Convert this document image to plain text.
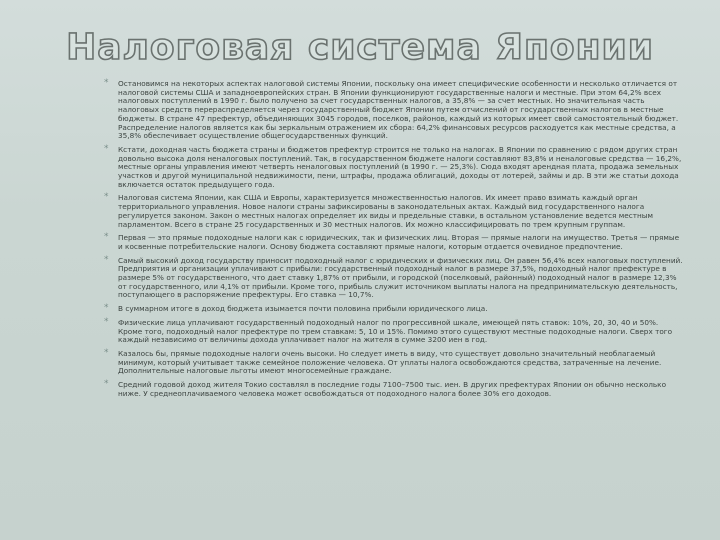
Налоговая система Японии
* Остановимся на некоторых аспектах налоговой системы Японии, поскольку она имеет специфические особенности и несколько отличается от налоговой системы США и западноевропейских стран. В Японии функционируют государственные налоги и местные. При этом 64,2% всех налоговых поступлений в 1990 г. было получено за счет государственных налогов, а 35,8% — за счет местных. Но значительная часть налоговых средств перераспределяется через государственный бюджет Японии путем отчислений от государственных налогов в местные бюджеты. В стране 47 префектур, объединяющих 3045 городов, поселков, районов, каждый из которых имеет свой самостоятельный бюджет. Распределение налогов является как бы зеркальным отражением их сбора: 64,2% финансовых ресурсов расходуется как местные средства, а 35,8% обеспечивает осуществление общегосударственных функций.
* Кстати, доходная часть бюджета страны и бюджетов префектур строится не только на налогах. В Японии по сравнению с рядом других стран довольно высока доля неналоговых поступлений. Так, в государственном бюджете налоги составляют 83,8% и неналоговые средства — 16,2%, местные органы управления имеют четверть неналоговых поступлений (в 1990 г. — 25,3%). Сюда входят арендная плата, продажа земельных участков и другой муниципальной недвижимости, пени, штрафы, продажа облигаций, доходы от лотерей, займы и др. В эти же статьи дохода включается остаток предыдущего года.
* Налоговая система Японии, как США и Европы, характеризуется множественностью налогов. Их имеет право взимать каждый орган территориального управления. Новое налоги страны зафиксированы в законодательных актах. Каждый вид государственного налога регулируется законом. Закон о местных налогах определяет их виды и предельные ставки, в остальном установление ведется местным парламентом. Всего в стране 25 государственных и 30 местных налогов. Их можно классифицировать по трем крупным группам.
* Первая — это прямые подоходные налоги как с юридических, так и физических лиц. Вторая — прямые налоги на имущество. Третья — прямые и косвенные потребительские налоги. Основу бюджета составляют прямые налоги, которым отдается очевидное предпочтение.
* Самый высокий доход государству приносит подоходный налог с юридических и физических лиц. Он равен 56,4% всех налоговых поступлений. Предприятия и организации уплачивают с прибыли: государственный подоходный налог в размере 37,5%, подоходный налог префектуре в размере 5% от государственного, что дает ставку 1,87% от прибыли, и городской (поселковый, районный) подоходный налог в размере 12,3% от государственного, или 4,1% от прибыли. Кроме того, прибыль служит источником выплаты налога на предпринимательскую деятельность, поступающего в распоряжение префектуры. Его ставка — 10,7%.
* В суммарном итоге в доход бюджета изымается почти половина прибыли юридического лица.
* Физические лица уплачивают государственный подоходный налог по прогрессивной шкале, имеющей пять ставок: 10%, 20, 30, 40 и 50%. Кроме того, подоходный налог префектуре по трем ставкам: 5, 10 и 15%. Помимо этого существуют местные подоходные налоги. Сверх того каждый независимо от величины дохода уплачивает налог на жителя в сумме 3200 иен в год.
* Казалось бы, прямые подоходные налоги очень высоки. Но следует иметь в виду, что существует довольно значительный необлагаемый минимум, который учитывает также семейное положение человека. От уплаты налога освобождаются средства, затраченные на лечение. Дополнительные налоговые льготы имеют многосемейные граждане.
* Средний годовой доход жителя Токио составлял в последние годы 7100–7500 тыс. иен. В других префектурах Японии он обычно несколько ниже. У среднеоплачиваемого человека может освобождаться от подоходного налога более 30% его доходов.
